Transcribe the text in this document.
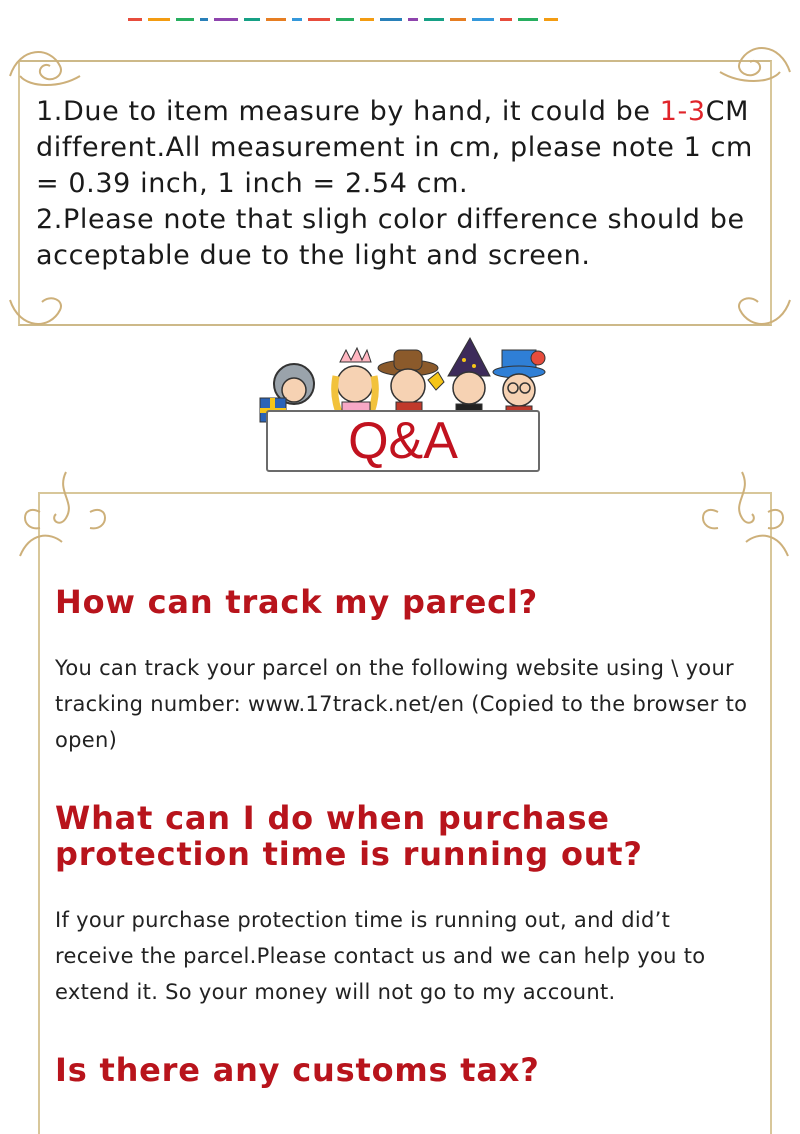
1.Due to item measure by hand, it could be 1-3CM different.All measurement in cm, please note 1 cm = 0.39 inch, 1 inch = 2.54 cm.

2.Please note that sligh color difference should be acceptable due to the light and screen.

Q&A
How can track my parecl?

You can track your parcel on the following website using \ your tracking number: www.17track.net/en (Copied to the browser to open)

What can I do when purchase protection time is running out?

If your purchase protection time is running out, and did’t receive the parcel.Please contact us and we can help you to extend it. So your money will not go to my account.

Is there any customs tax?
